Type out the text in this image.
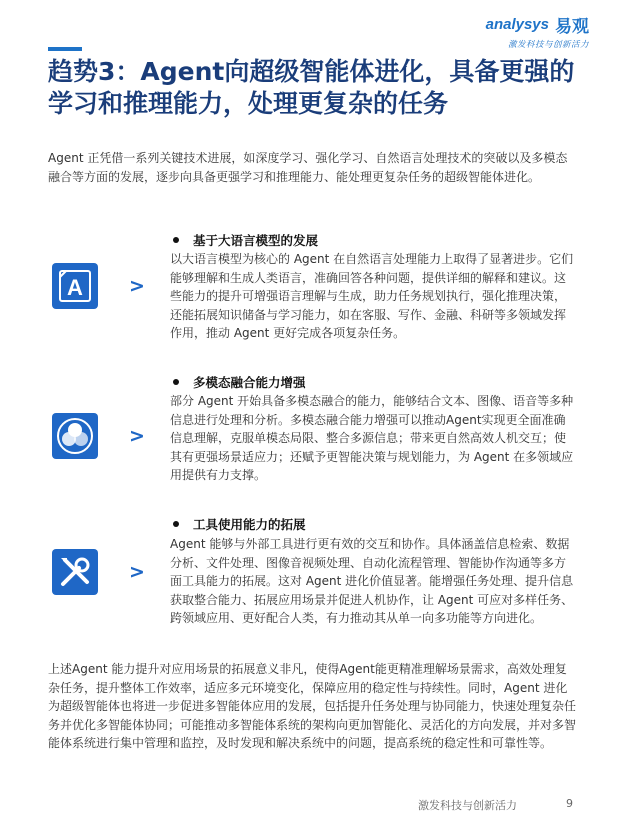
analysys 易观
激发科技与创新活力
趋势3：Agent向超级智能体进化，具备更强的学习和推理能力，处理更复杂的任务

Agent 正凭借一系列关键技术进展，如深度学习、强化学习、自然语言处理技术的突破以及多模态融合等方面的发展，逐步向具备更强学习和推理能力、能处理更复杂任务的超级智能体进化。

基于大语言模型的发展
A >

以大语言模型为核心的 Agent 在自然语言处理能力上取得了显著进步。它们能够理解和生成人类语言，准确回答各种问题，提供详细的解释和建议。这些能力的提升可增强语言理解与生成，助力任务规划执行，强化推理决策，还能拓展知识储备与学习能力，如在客服、写作、金融、科研等多领域发挥作用，推动 Agent 更好完成各项复杂任务。

多模态融合能力增强
>

部分 Agent 开始具备多模态融合的能力，能够结合文本、图像、语音等多种信息进行处理和分析。多模态融合能力增强可以推动Agent实现更全面准确信息理解，克服单模态局限、整合多源信息；带来更自然高效人机交互；使其有更强场景适应力；还赋予更智能决策与规划能力，为 Agent 在多领域应用提供有力支撑。

工具使用能力的拓展
>

Agent 能够与外部工具进行更有效的交互和协作。具体涵盖信息检索、数据分析、文件处理、图像音视频处理、自动化流程管理、智能协作沟通等多方面工具能力的拓展。这对 Agent 进化价值显著。能增强任务处理、提升信息获取整合能力、拓展应用场景并促进人机协作，让 Agent 可应对多样任务、跨领域应用、更好配合人类，有力推动其从单一向多功能等方向进化。

上述Agent 能力提升对应用场景的拓展意义非凡，使得Agent能更精准理解场景需求，高效处理复杂任务，提升整体工作效率，适应多元环境变化，保障应用的稳定性与持续性。同时，Agent 进化为超级智能体也将进一步促进多智能体应用的发展，包括提升任务处理与协同能力，快速处理复杂任务并优化多智能体协同；可能推动多智能体系统的架构向更加智能化、灵活化的方向发展，并对多智能体系统进行集中管理和监控，及时发现和解决系统中的问题，提高系统的稳定性和可靠性等。

激发科技与创新活力	9
